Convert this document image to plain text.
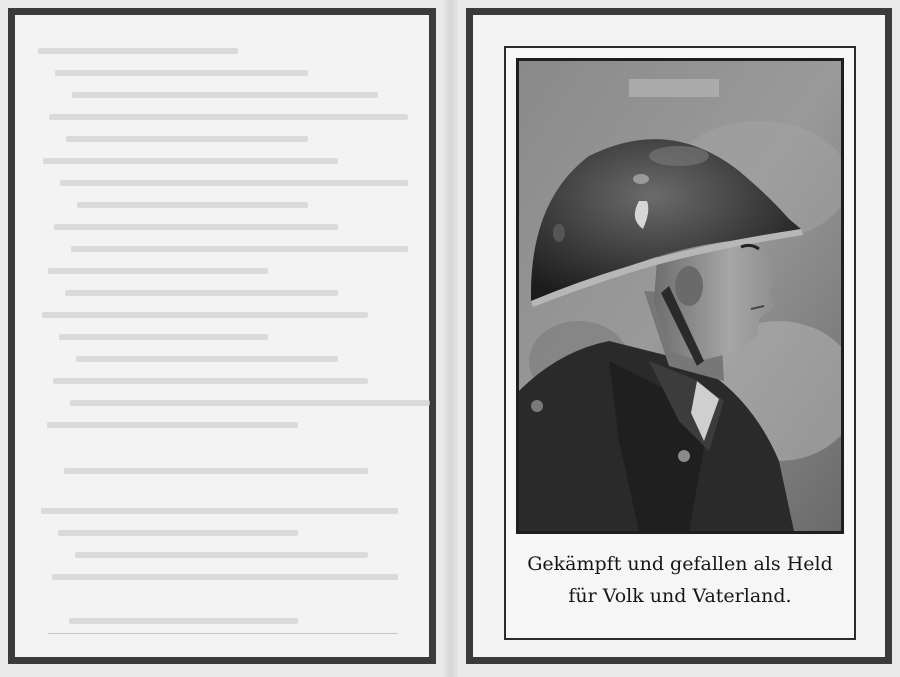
Gekämpft und gefallen als Held
für Volk und Vaterland.
